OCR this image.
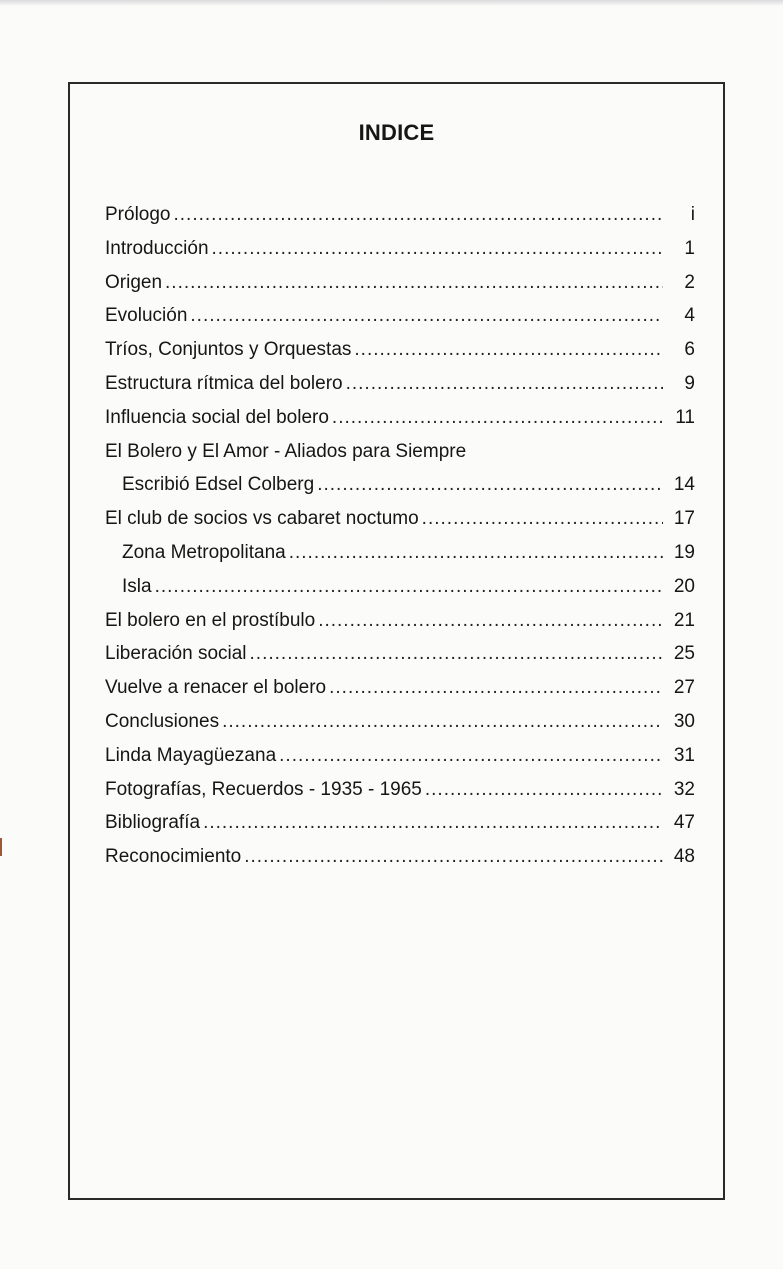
INDICE
Prólogo .....	i
Introducción .....	1
Origen .....	2
Evolución .....	4
Tríos, Conjuntos y Orquestas .....	6
Estructura rítmica del bolero .....	9
Influencia social del bolero .....	11
El Bolero y El Amor - Aliados para Siempre
Escribió Edsel Colberg .....	14
El club de socios vs cabaret noctumo .....	17
Zona Metropolitana .....	19
Isla .....	20
El bolero en el prostíbulo .....	21
Liberación social .....	25
Vuelve a renacer el bolero .....	27
Conclusiones .....	30
Linda Mayagüezana .....	31
Fotografías, Recuerdos - 1935 - 1965 .....	32
Bibliografía .....	47
Reconocimiento .....	48
